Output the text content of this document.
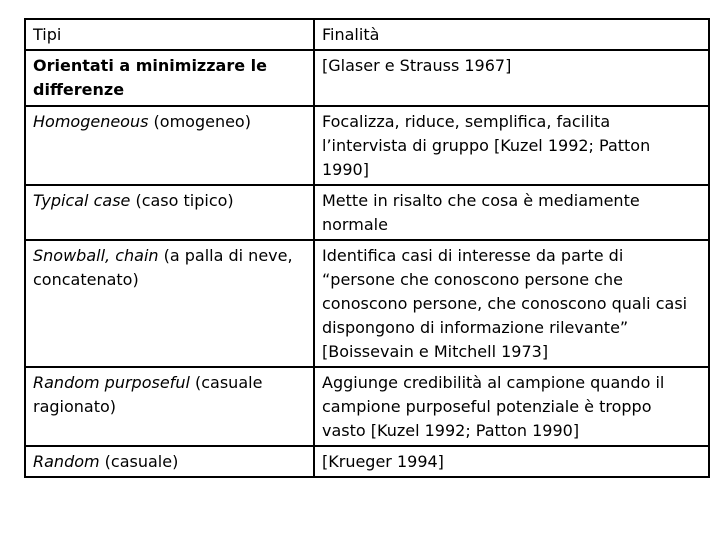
Tipi	Finalità
Orientati a minimizzare le differenze	[Glaser e Strauss 1967]
Homogeneous (omogeneo)	Focalizza, riduce, semplifica, facilita l’intervista di gruppo [Kuzel 1992; Patton 1990]
Typical case (caso tipico)	Mette in risalto che cosa è mediamente normale
Snowball, chain (a palla di neve, concatenato)	Identifica casi di interesse da parte di “persone che conoscono persone che conoscono persone, che conoscono quali casi dispongono di informazione rilevante” [Boissevain e Mitchell 1973]
Random purposeful (casuale ragionato)	Aggiunge credibilità al campione quando il campione purposeful potenziale è troppo vasto [Kuzel 1992; Patton 1990]
Random (casuale)	[Krueger 1994]
